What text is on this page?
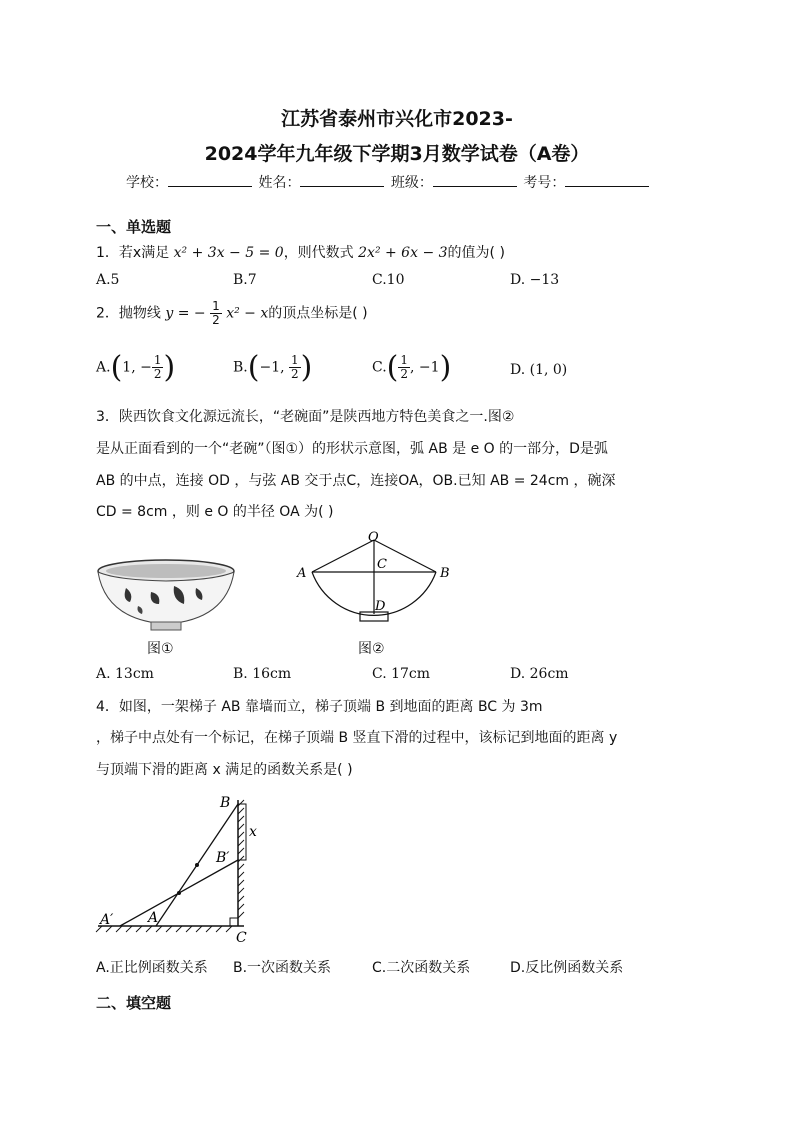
江苏省泰州市兴化市2023-
2024学年九年级下学期3月数学试卷（A卷）
学校：	姓名：	班级：	考号：
一、单选题
1．若x满足 x² + 3x − 5 = 0，则代数式 2x² + 6x − 3的值为( )
A.5	B.7	C.10	D. −13
2．抛物线 y = − $\frac{1}{2} x^2 - x$的顶点坐标是( )
A.(1, − $\frac{1}{2}$ )	B.(−1, $\frac{1}{2}$ )	$C.( \frac{1}{2}$ , −1)	D. (1, 0)
3．陕西饮食文化源远流长，“老碗面”是陕西地方特色美食之一.图②
是从正面看到的一个“老碗”（图①）的形状示意图，弧 AB 是 e O 的一部分，D是弧
AB 的中点，连接 OD ，与弦 AB 交于点C，连接OA，OB.已知 AB = 24cm ，碗深
CD = 8cm ，则 e O 的半径 OA 为( )
图①
O
A	B
C
D
图②
A. 13cm	B. 16cm	C. 17cm	D. 26cm
4．如图，一架梯子 AB 靠墙而立，梯子顶端 B 到地面的距离 BC 为 3m
，梯子中点处有一个标记，在梯子顶端 B 竖直下滑的过程中，该标记到地面的距离 y
与顶端下滑的距离 x 满足的函数关系是( )
B
B′
x
A′ A
C
A.正比例函数关系 B.一次函数关系	C.二次函数关系	D.反比例函数关系
二、填空题
